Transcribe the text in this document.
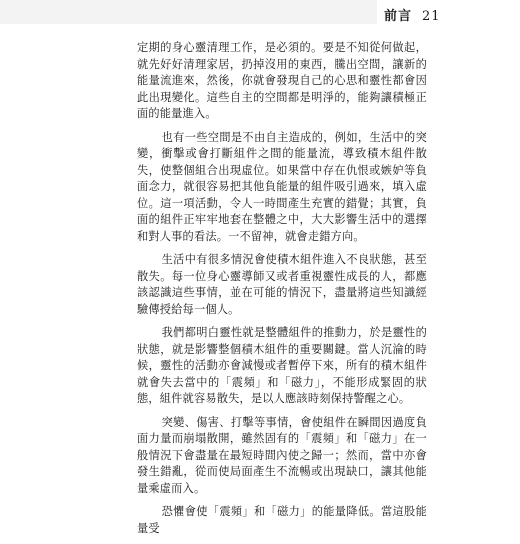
前言 21

定期的身心靈清理工作，是必須的。要是不知從何做起，就先好好清理家居，扔掉沒用的東西，騰出空間，讓新的能量流進來，然後，你就會發現自己的心思和靈性都會因此出現變化。這些自主的空間都是明淨的，能夠讓積極正面的能量進入。

也有一些空間是不由自主造成的，例如，生活中的突變，衝擊或會打斷組件之間的能量流，導致積木組件散失，使整個組合出現虛位。如果當中存在仇恨或嫉妒等負面念力，就很容易把其他負能量的組件吸引過來，填入虛位。這一項活動，令人一時間產生充實的錯覺；其實，負面的組件正牢牢地套在整體之中，大大影響生活中的選擇和對人事的看法。一不留神，就會走錯方向。

生活中有很多情況會使積木組件進入不良狀態，甚至散失。每一位身心靈導師又或者重視靈性成長的人，都應該認識這些事情，並在可能的情況下，盡量將這些知識經驗傳授給每一個人。

我們都明白靈性就是整體組件的推動力，於是靈性的狀態，就是影響整個積木組件的重要關鍵。當人沉淪的時候，靈性的活動亦會減慢或者暫停下來，所有的積木組件就會失去當中的「震頻」和「磁力」，不能形成緊固的狀態，組件就容易散失，是以人應該時刻保持警醒之心。

突變、傷害、打擊等事情，會使組件在瞬間因過度負面力量而崩塌散開，雖然固有的「震頻」和「磁力」在一般情況下會盡量在最短時間內使之歸一；然而，當中亦會發生錯亂，從而使局面產生不流暢或出現缺口，讓其他能量乘虛而入。

恐懼會使「震頻」和「磁力」的能量降低。當這股能量受
